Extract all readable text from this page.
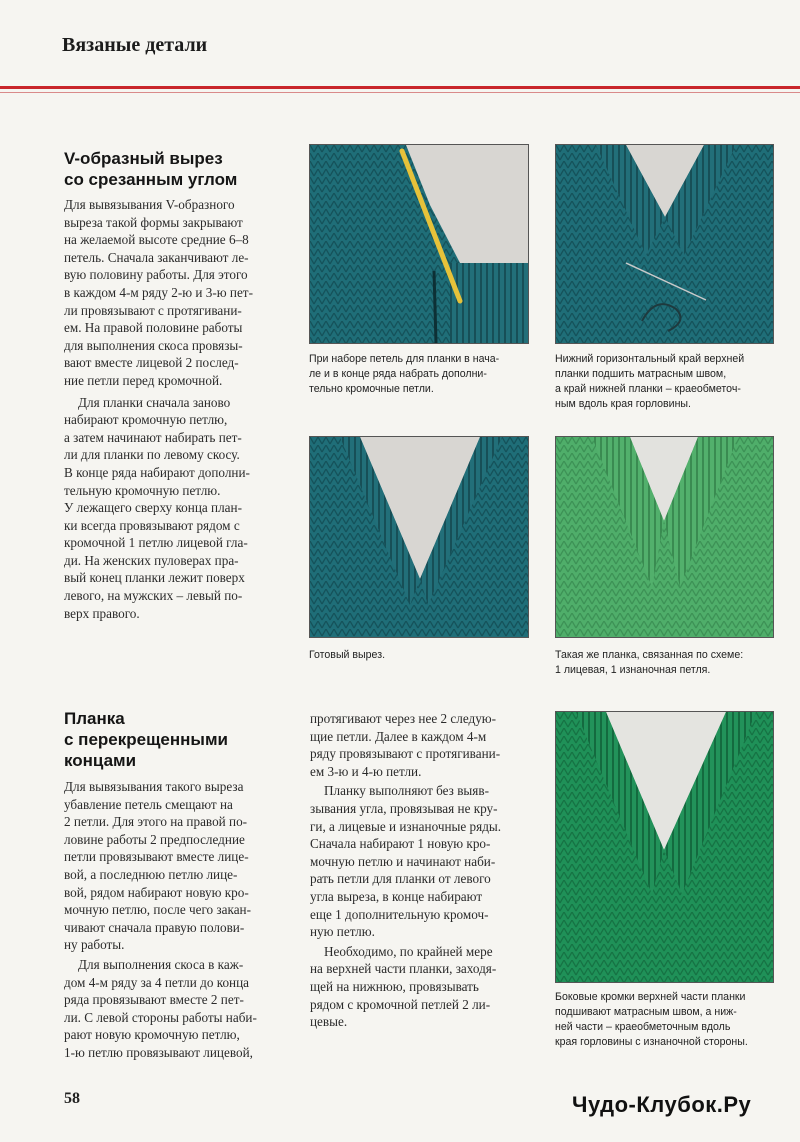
Вязаные детали
V-образный вырез
со срезанным углом

Для вывязывания V-образного
выреза такой формы закрывают
на желаемой высоте средние 6–8
петель. Сначала заканчивают ле-
вую половину работы. Для этого
в каждом 4-м ряду 2-ю и 3-ю пет-
ли провязывают с протягивани-
ем. На правой половине работы
для выполнения скоса провязы-
вают вместе лицевой 2 послед-
ние петли перед кромочной.

Для планки сначала заново
набирают кромочную петлю,
а затем начинают набирать пет-
ли для планки по левому скосу.
В конце ряда набирают дополни-
тельную кромочную петлю.
У лежащего сверху конца план-
ки всегда провязывают рядом с
кромочной 1 петлю лицевой гла-
ди. На женских пуловерах пра-
вый конец планки лежит поверх
левого, на мужских – левый по-
верх правого.

При наборе петель для планки в нача-
ле и в конце ряда набрать дополни-
тельно кромочные петли.

Нижний горизонтальный край верхней
планки подшить матрасным швом,
а край нижней планки – краеобметоч-
ным вдоль края горловины.

Готовый вырез.	Такая же планка, связанная по схеме:
1 лицевая, 1 изнаночная петля.

Планка
с перекрещенными
концами

Для вывязывания такого выреза
убавление петель смещают на
2 петли. Для этого на правой по-
ловине работы 2 предпоследние
петли провязывают вместе лице-
вой, а последнюю петлю лице-
вой, рядом набирают новую кро-
мочную петлю, после чего закан-
чивают сначала правую полови-
ну работы.

Для выполнения скоса в каж-
дом 4-м ряду за 4 петли до конца
ряда провязывают вместе 2 пет-
ли. С левой стороны работы наби-
рают новую кромочную петлю,
1-ю петлю провязывают лицевой,

протягивают через нее 2 следую-
щие петли. Далее в каждом 4-м
ряду провязывают с протягивани-
ем 3-ю и 4-ю петли.

Планку выполняют без выяв-
зывания угла, провязывая не кру-
ги, а лицевые и изнаночные ряды.
Сначала набирают 1 новую кро-
мочную петлю и начинают наби-
рать петли для планки от левого
угла выреза, в конце набирают
еще 1 дополнительную кромоч-
ную петлю.

Необходимо, по крайней мере
на верхней части планки, заходя-
щей на нижнюю, провязывать
рядом с кромочной петлей 2 ли-
цевые.

Боковые кромки верхней части планки
подшивают матрасным швом, а ниж-
ней части – краеобметочным вдоль
края горловины с изнаночной стороны.

58	Чудо-Клубок.Ру
